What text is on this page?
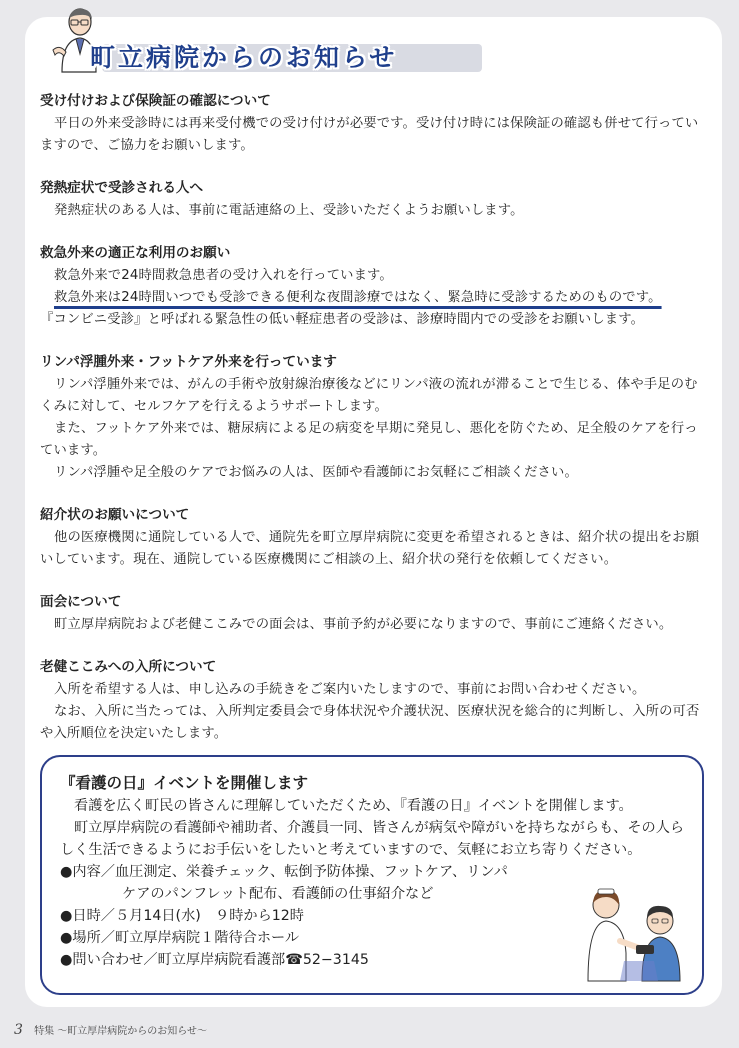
町立病院からのお知らせ

受け付けおよび保険証の確認について

平日の外来受診時には再来受付機での受け付けが必要です。受け付け時には保険証の確認も併せて行っていますので、ご協力をお願いします。

発熱症状で受診される人へ

発熱症状のある人は、事前に電話連絡の上、受診いただくようお願いします。

救急外来の適正な利用のお願い

救急外来で24時間救急患者の受け入れを行っています。

救急外来は24時間いつでも受診できる便利な夜間診療ではなく、緊急時に受診するためのものです。

『コンビニ受診』と呼ばれる緊急性の低い軽症患者の受診は、診療時間内での受診をお願いします。

リンパ浮腫外来・フットケア外来を行っています

リンパ浮腫外来では、がんの手術や放射線治療後などにリンパ液の流れが滞ることで生じる、体や手足のむくみに対して、セルフケアを行えるようサポートします。

また、フットケア外来では、糖尿病による足の病変を早期に発見し、悪化を防ぐため、足全般のケアを行っています。

リンパ浮腫や足全般のケアでお悩みの人は、医師や看護師にお気軽にご相談ください。

紹介状のお願いについて

他の医療機関に通院している人で、通院先を町立厚岸病院に変更を希望されるときは、紹介状の提出をお願いしています。現在、通院している医療機関にご相談の上、紹介状の発行を依頼してください。

面会について

町立厚岸病院および老健ここみでの面会は、事前予約が必要になりますので、事前にご連絡ください。

老健ここみへの入所について

入所を希望する人は、申し込みの手続きをご案内いたしますので、事前にお問い合わせください。

なお、入所に当たっては、入所判定委員会で身体状況や介護状況、医療状況を総合的に判断し、入所の可否や入所順位を決定いたします。

『看護の日』イベントを開催します

看護を広く町民の皆さんに理解していただくため、『看護の日』イベントを開催します。

町立厚岸病院の看護師や補助者、介護員一同、皆さんが病気や障がいを持ちながらも、その人らしく生活できるようにお手伝いをしたいと考えていますので、気軽にお立ち寄りください。

●内容／血圧測定、栄養チェック、転倒予防体操、フットケア、リンパ
ケアのパンフレット配布、看護師の仕事紹介など
●日時／５月14日(水)　９時から12時
●場所／町立厚岸病院１階待合ホール
●問い合わせ／町立厚岸病院看護部☎52−3145
3 特集 ～町立厚岸病院からのお知らせ～
